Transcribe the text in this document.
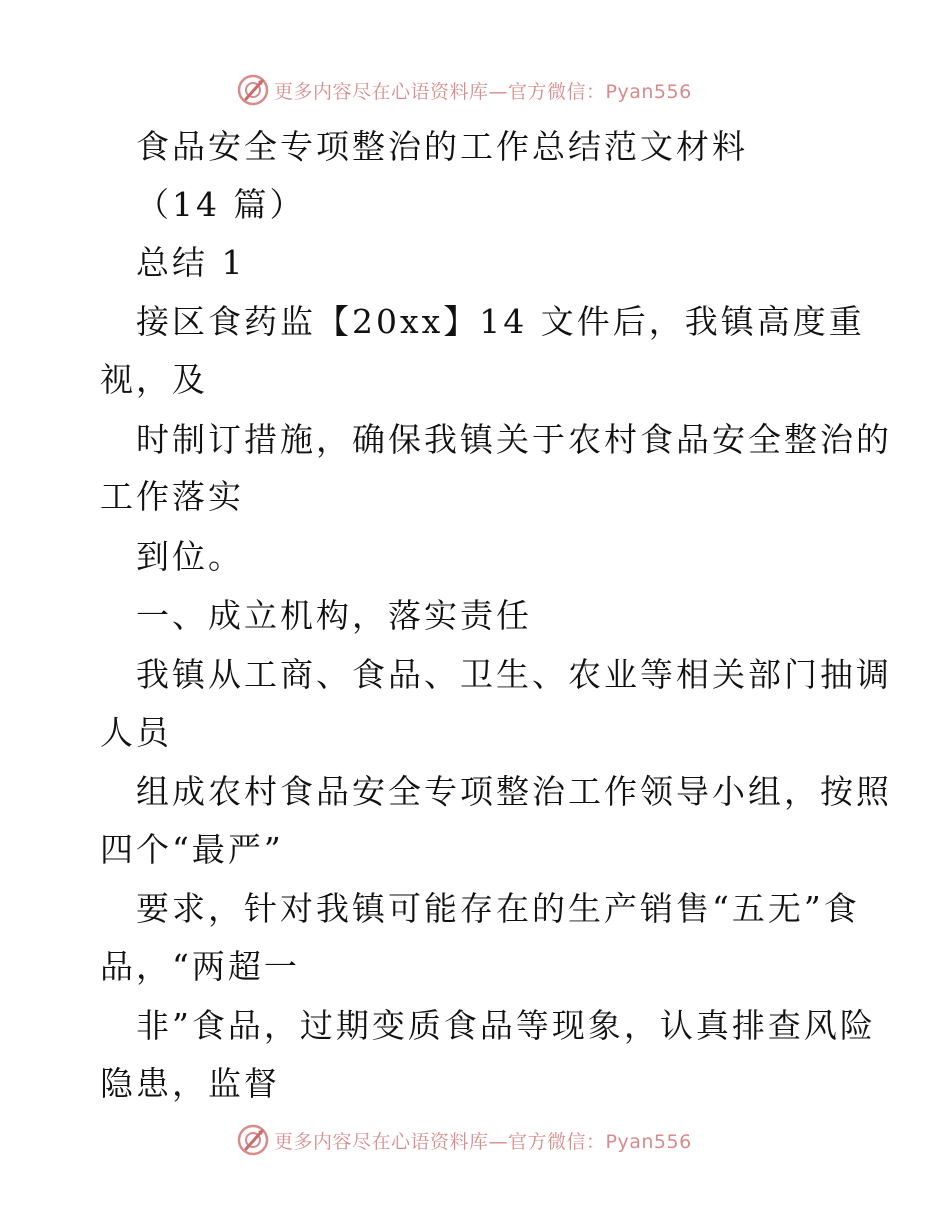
更多内容尽在心语资料库—官方微信：Pyan556
食品安全专项整治的工作总结范文材料
（14 篇）
总结 1
接区食药监【20xx】14 文件后，我镇高度重
视，及
时制订措施，确保我镇关于农村食品安全整治的
工作落实
到位。
一、成立机构，落实责任
我镇从工商、食品、卫生、农业等相关部门抽调
人员
组成农村食品安全专项整治工作领导小组，按照
四个“最严”
要求，针对我镇可能存在的生产销售“五无”食
品，“两超一
非”食品，过期变质食品等现象，认真排查风险
隐患，监督
更多内容尽在心语资料库—官方微信：Pyan556
